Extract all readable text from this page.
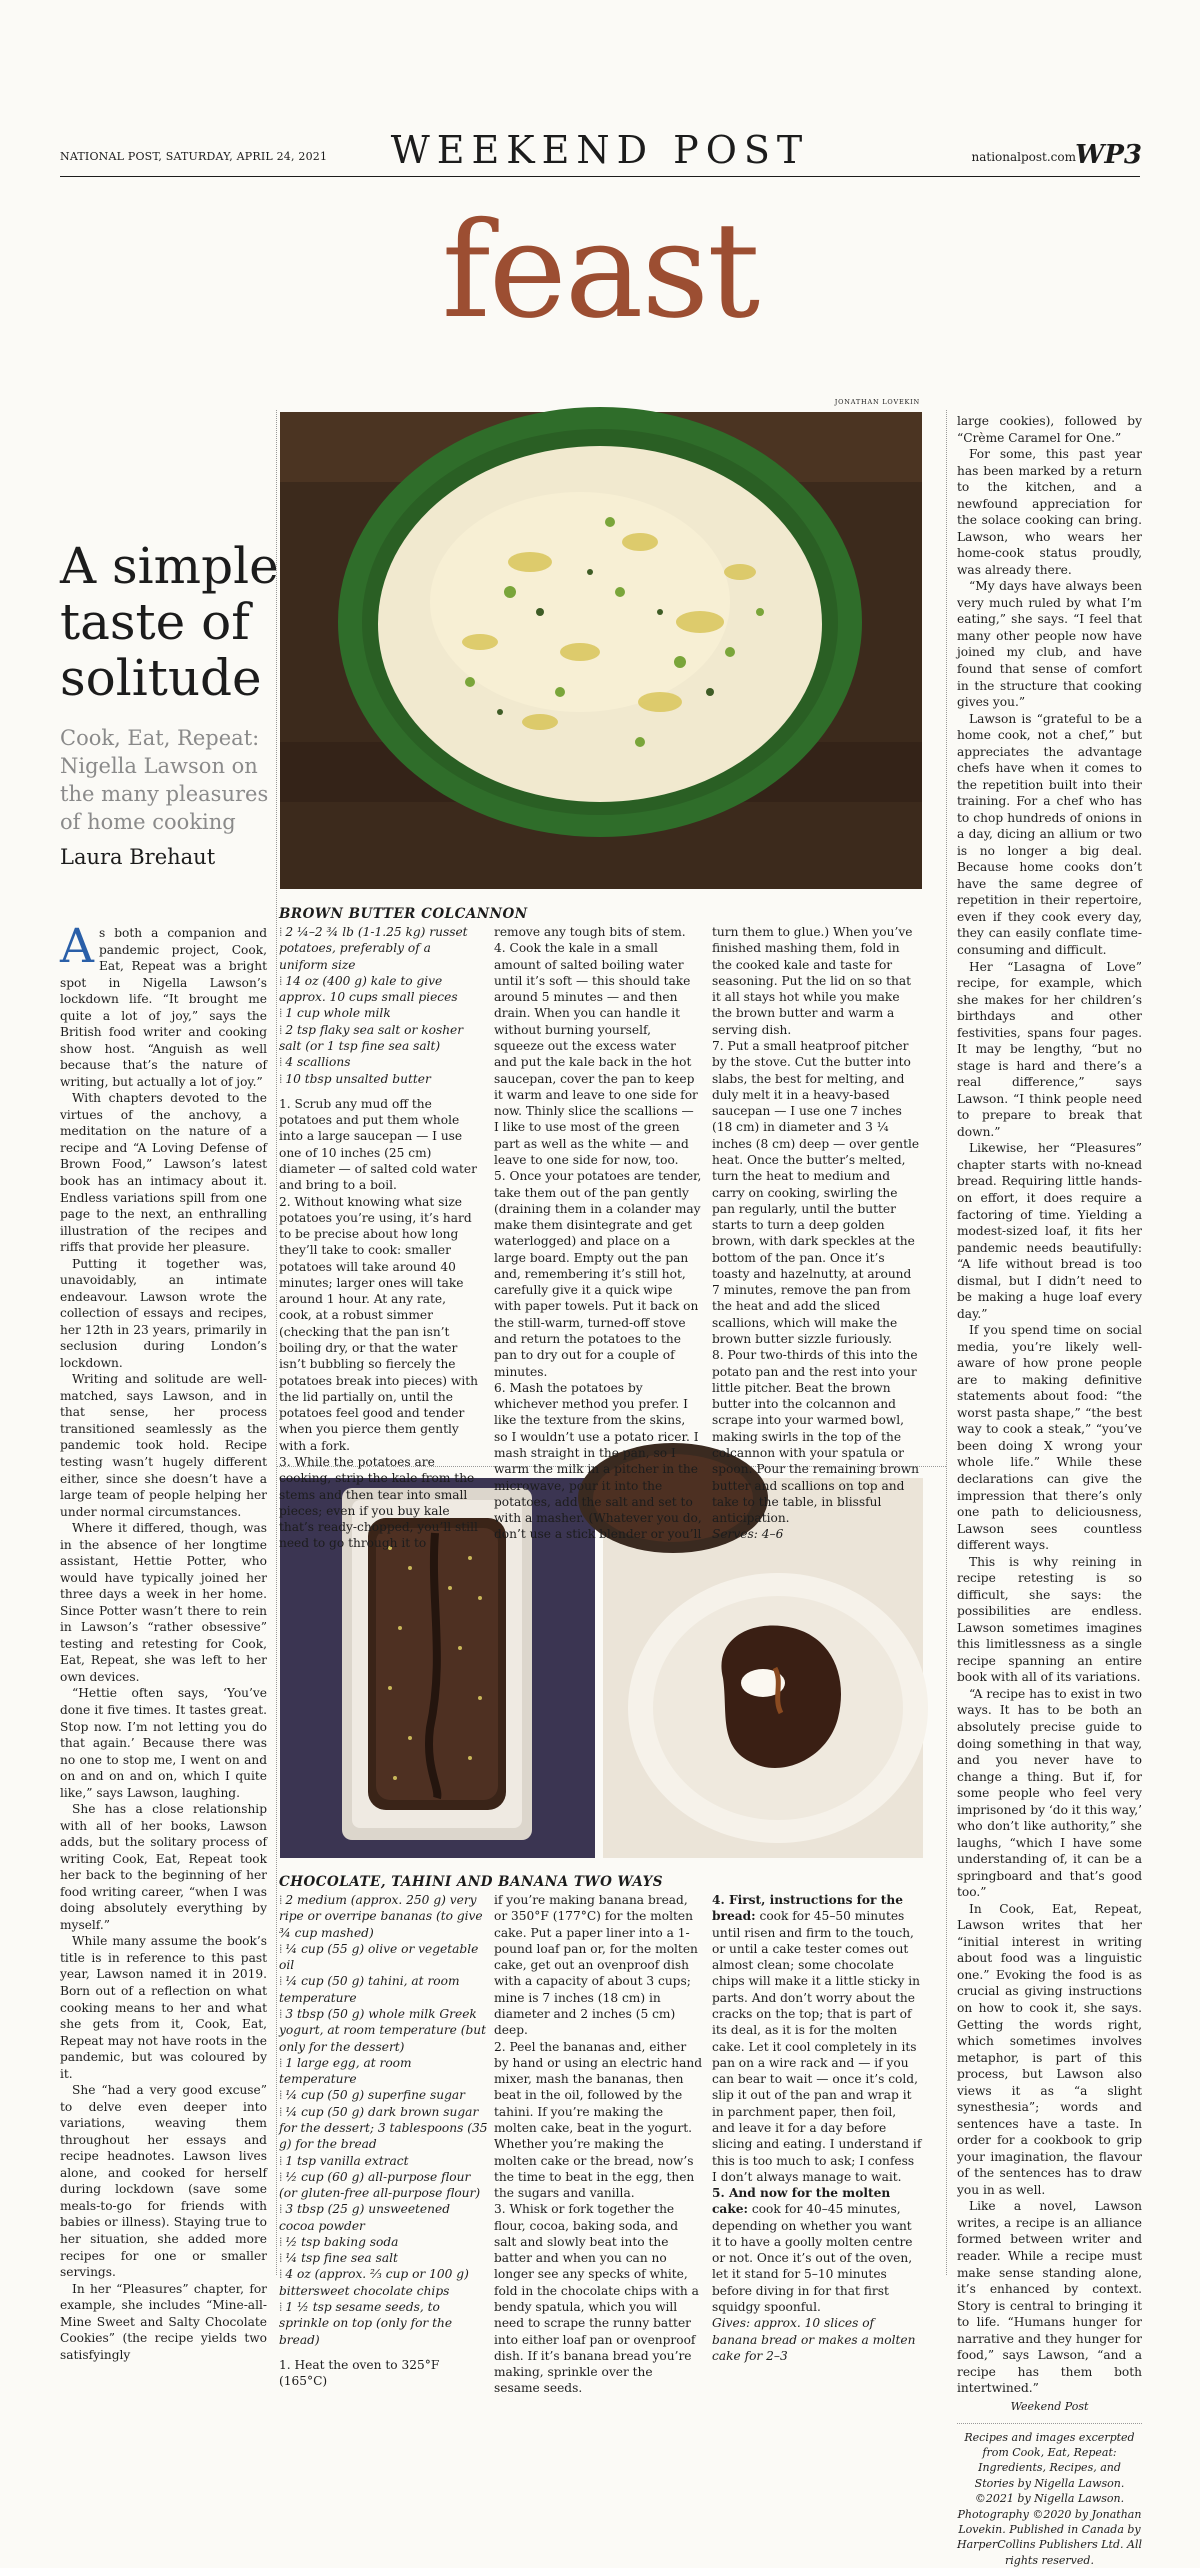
NATIONAL POST, SATURDAY, APRIL 24, 2021	WEEKEND POST	nationalpost.com WP3
feast
JONATHAN LOVEKIN
A simple taste of solitude
Cook, Eat, Repeat: Nigella Lawson on the many pleasures of home cooking
Laura Brehaut

As both a companion and pandemic project, Cook, Eat, Repeat was a bright spot in Nigella Lawson’s lockdown life. “It brought me quite a lot of joy,” says the British food writer and cooking show host. “Anguish as well because that’s the nature of writing, but actually a lot of joy.”

With chapters devoted to the virtues of the anchovy, a meditation on the nature of a recipe and “A Loving Defense of Brown Food,” Lawson’s latest book has an intimacy about it. Endless variations spill from one page to the next, an enthralling illustration of the recipes and riffs that provide her pleasure.

Putting it together was, unavoidably, an intimate endeavour. Lawson wrote the collection of essays and recipes, her 12th in 23 years, primarily in seclusion during London’s lockdown.

Writing and solitude are well-matched, says Lawson, and in that sense, her process transitioned seamlessly as the pandemic took hold. Recipe testing wasn’t hugely different either, since she doesn’t have a large team of people helping her under normal circumstances.

Where it differed, though, was in the absence of her longtime assistant, Hettie Potter, who would have typically joined her three days a week in her home. Since Potter wasn’t there to rein in Lawson’s “rather obsessive” testing and retesting for Cook, Eat, Repeat, she was left to her own devices.

“Hettie often says, ‘You’ve done it five times. It tastes great. Stop now. I’m not letting you do that again.’ Because there was no one to stop me, I went on and on and on and on, which I quite like,” says Lawson, laughing.

She has a close relationship with all of her books, Lawson adds, but the solitary process of writing Cook, Eat, Repeat took her back to the beginning of her food writing career, “when I was doing absolutely everything by myself.”

While many assume the book’s title is in reference to this past year, Lawson named it in 2019. Born out of a reflection on what cooking means to her and what she gets from it, Cook, Eat, Repeat may not have roots in the pandemic, but was coloured by it.

She “had a very good excuse” to delve even deeper into variations, weaving them throughout her essays and recipe headnotes. Lawson lives alone, and cooked for herself during lockdown (save some meals-to-go for friends with babies or illness). Staying true to her situation, she added more recipes for one or smaller servings.

In her “Pleasures” chapter, for example, she includes “Mine-all-Mine Sweet and Salty Chocolate Cookies” (the recipe yields two satisfyingly

large cookies), followed by “Crème Caramel for One.”

For some, this past year has been marked by a return to the kitchen, and a newfound appreciation for the solace cooking can bring. Lawson, who wears her home-cook status proudly, was already there.

“My days have always been very much ruled by what I’m eating,” she says. “I feel that many other people now have joined my club, and have found that sense of comfort in the structure that cooking gives you.”

Lawson is “grateful to be a home cook, not a chef,” but appreciates the advantage chefs have when it comes to the repetition built into their training. For a chef who has to chop hundreds of onions in a day, dicing an allium or two is no longer a big deal. Because home cooks don’t have the same degree of repetition in their repertoire, even if they cook every day, they can easily conflate time-consuming and difficult.

Her “Lasagna of Love” recipe, for example, which she makes for her children’s birthdays and other festivities, spans four pages. It may be lengthy, “but no stage is hard and there’s a real difference,” says Lawson. “I think people need to prepare to break that down.”

Likewise, her “Pleasures” chapter starts with no-knead bread. Requiring little hands-on effort, it does require a factoring of time. Yielding a modest-sized loaf, it fits her pandemic needs beautifully: “A life without bread is too dismal, but I didn’t need to be making a huge loaf every day.”

If you spend time on social media, you’re likely well-aware of how prone people are to making definitive statements about food: “the worst pasta shape,” “the best way to cook a steak,” “you’ve been doing X wrong your whole life.” While these declarations can give the impression that there’s only one path to deliciousness, Lawson sees countless different ways.

This is why reining in recipe retesting is so difficult, she says: the possibilities are endless. Lawson sometimes imagines this limitlessness as a single recipe spanning an entire book with all of its variations.

“A recipe has to exist in two ways. It has to be both an absolutely precise guide to doing something in that way, and you never have to change a thing. But if, for some people who feel very imprisoned by ‘do it this way,’ who don’t like authority,” she laughs, “which I have some understanding of, it can be a springboard and that’s good too.”

In Cook, Eat, Repeat, Lawson writes that her “initial interest in writing about food was a linguistic one.” Evoking the food is as crucial as giving instructions on how to cook it, she says. Getting the words right, which sometimes involves metaphor, is part of this process, but Lawson also views it as “a slight synesthesia”; words and sentences have a taste. In order for a cookbook to grip your imagination, the flavour of the sentences has to draw you in as well.

Like a novel, Lawson writes, a recipe is an alliance formed between writer and reader. While a recipe must make sense standing alone, it’s enhanced by context. Story is central to bringing it to life. “Humans hunger for narrative and they hunger for food,” says Lawson, “and a recipe has them both intertwined.”

Weekend Post
Recipes and images excerpted from Cook, Eat, Repeat: Ingredients, Recipes, and Stories by Nigella Lawson. ©2021 by Nigella Lawson. Photography ©2020 by Jonathan Lovekin. Published in Canada by HarperCollins Publishers Ltd. All rights reserved.
BROWN BUTTER COLCANNON

⁞ 2 ¼–2 ¾ lb (1-1.25 kg) russet potatoes, preferably of a uniform size

⁞ 14 oz (400 g) kale to give approx. 10 cups small pieces

⁞ 1 cup whole milk

⁞ 2 tsp flaky sea salt or kosher salt (or 1 tsp fine sea salt)

⁞ 4 scallions

⁞ 10 tbsp unsalted butter

1. Scrub any mud off the potatoes and put them whole into a large saucepan — I use one of 10 inches (25 cm) diameter — of salted cold water and bring to a boil.

2. Without knowing what size potatoes you’re using, it’s hard to be precise about how long they’ll take to cook: smaller potatoes will take around 40 minutes; larger ones will take around 1 hour. At any rate, cook, at a robust simmer (checking that the pan isn’t boiling dry, or that the water isn’t bubbling so fiercely the potatoes break into pieces) with the lid partially on, until the potatoes feel good and tender when you pierce them gently with a fork.

3. While the potatoes are cooking, strip the kale from the stems and then tear into small pieces; even if you buy kale that’s ready-chopped, you’ll still need to go through it to

remove any tough bits of stem.

4. Cook the kale in a small amount of salted boiling water until it’s soft — this should take around 5 minutes — and then drain. When you can handle it without burning yourself, squeeze out the excess water and put the kale back in the hot saucepan, cover the pan to keep it warm and leave to one side for now. Thinly slice the scallions — I like to use most of the green part as well as the white — and leave to one side for now, too.

5. Once your potatoes are tender, take them out of the pan gently (draining them in a colander may make them disintegrate and get waterlogged) and place on a large board. Empty out the pan and, remembering it’s still hot, carefully give it a quick wipe with paper towels. Put it back on the still-warm, turned-off stove and return the potatoes to the pan to dry out for a couple of minutes.

6. Mash the potatoes by whichever method you prefer. I like the texture from the skins, so I wouldn’t use a potato ricer. I mash straight in the pan, so I warm the milk in a pitcher in the microwave, pour it into the potatoes, add the salt and set to with a masher. (Whatever you do, don’t use a stick blender or you’ll

turn them to glue.) When you’ve finished mashing them, fold in the cooked kale and taste for seasoning. Put the lid on so that it all stays hot while you make the brown butter and warm a serving dish.

7. Put a small heatproof pitcher by the stove. Cut the butter into slabs, the best for melting, and duly melt it in a heavy-based saucepan — I use one 7 inches (18 cm) in diameter and 3 ¼ inches (8 cm) deep — over gentle heat. Once the butter’s melted, turn the heat to medium and carry on cooking, swirling the pan regularly, until the butter starts to turn a deep golden brown, with dark speckles at the bottom of the pan. Once it’s toasty and hazelnutty, at around 7 minutes, remove the pan from the heat and add the sliced scallions, which will make the brown butter sizzle furiously.

8. Pour two-thirds of this into the potato pan and the rest into your little pitcher. Beat the brown butter into the colcannon and scrape into your warmed bowl, making swirls in the top of the colcannon with your spatula or spoon. Pour the remaining brown butter and scallions on top and take to the table, in blissful anticipation.

Serves: 4–6

CHOCOLATE, TAHINI AND BANANA TWO WAYS

⁞ 2 medium (approx. 250 g) very ripe or overripe bananas (to give ¾ cup mashed)

⁞ ¼ cup (55 g) olive or vegetable oil

⁞ ¼ cup (50 g) tahini, at room temperature

⁞ 3 tbsp (50 g) whole milk Greek yogurt, at room temperature (but only for the dessert)

⁞ 1 large egg, at room temperature

⁞ ¼ cup (50 g) superfine sugar

⁞ ¼ cup (50 g) dark brown sugar for the dessert; 3 tablespoons (35 g) for the bread

⁞ 1 tsp vanilla extract

⁞ ½ cup (60 g) all-purpose flour (or gluten-free all-purpose flour)

⁞ 3 tbsp (25 g) unsweetened cocoa powder

⁞ ½ tsp baking soda

⁞ ¼ tsp fine sea salt

⁞ 4 oz (approx. ⅔ cup or 100 g) bittersweet chocolate chips

⁞ 1 ½ tsp sesame seeds, to sprinkle on top (only for the bread)

1. Heat the oven to 325°F (165°C)

if you’re making banana bread, or 350°F (177°C) for the molten cake. Put a paper liner into a 1-pound loaf pan or, for the molten cake, get out an ovenproof dish with a capacity of about 3 cups; mine is 7 inches (18 cm) in diameter and 2 inches (5 cm) deep.

2. Peel the bananas and, either by hand or using an electric hand mixer, mash the bananas, then beat in the oil, followed by the tahini. If you’re making the molten cake, beat in the yogurt. Whether you’re making the molten cake or the bread, now’s the time to beat in the egg, then the sugars and vanilla.

3. Whisk or fork together the flour, cocoa, baking soda, and salt and slowly beat into the batter and when you can no longer see any specks of white, fold in the chocolate chips with a bendy spatula, which you will need to scrape the runny batter into either loaf pan or ovenproof dish. If it’s banana bread you’re making, sprinkle over the sesame seeds.

4. First, instructions for the bread: cook for 45–50 minutes until risen and firm to the touch, or until a cake tester comes out almost clean; some chocolate chips will make it a little sticky in parts. And don’t worry about the cracks on the top; that is part of its deal, as it is for the molten cake. Let it cool completely in its pan on a wire rack and — if you can bear to wait — once it’s cold, slip it out of the pan and wrap it in parchment paper, then foil, and leave it for a day before slicing and eating. I understand if this is too much to ask; I confess I don’t always manage to wait.

5. And now for the molten cake: cook for 40–45 minutes, depending on whether you want it to have a goolly molten centre or not. Once it’s out of the oven, let it stand for 5–10 minutes before diving in for that first squidgy spoonful.

Gives: approx. 10 slices of banana bread or makes a molten cake for 2–3
